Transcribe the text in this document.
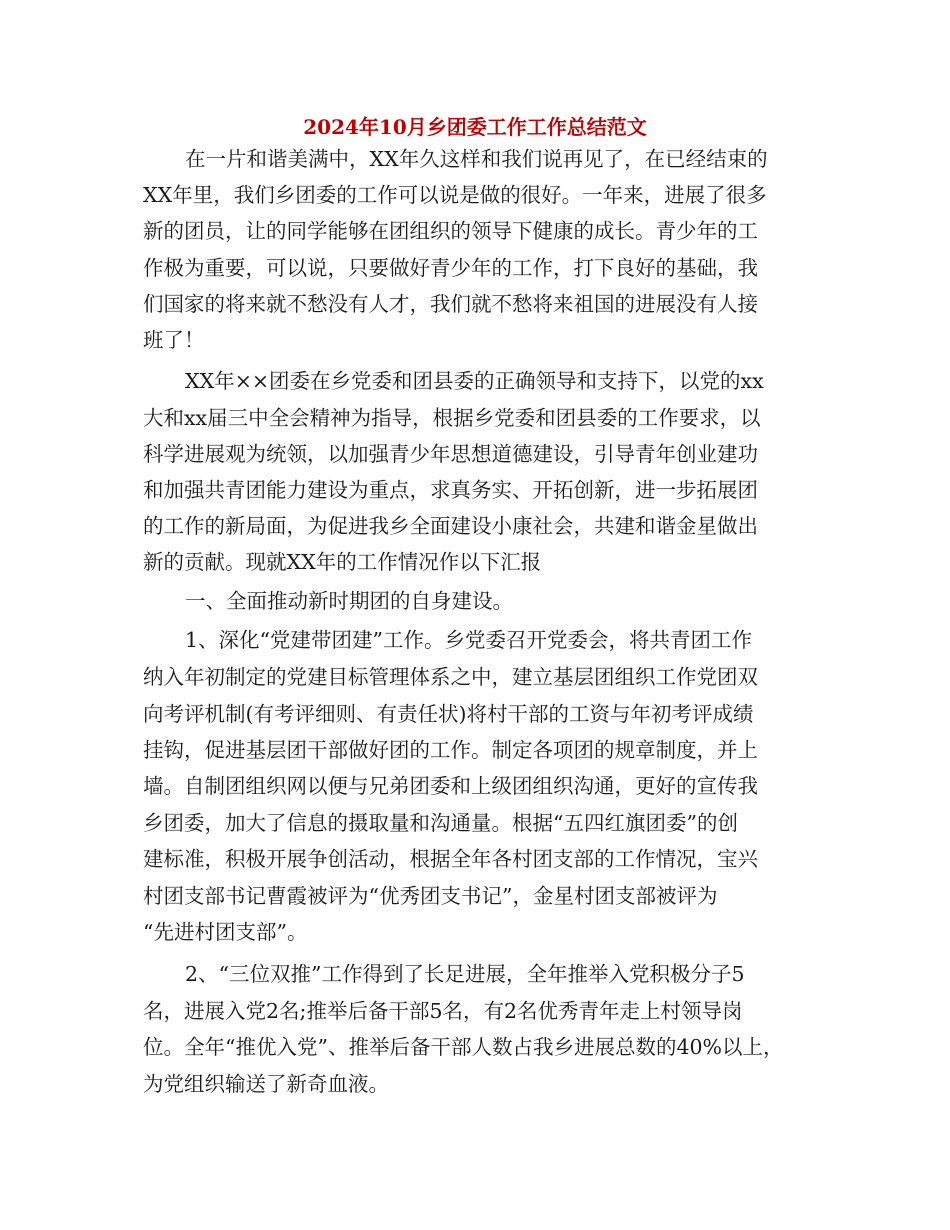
2024年10月乡团委工作工作总结范文
在一片和谐美满中，XX年久这样和我们说再见了，在已经结束的
XX年里，我们乡团委的工作可以说是做的很好。一年来，进展了很多
新的团员，让的同学能够在团组织的领导下健康的成长。青少年的工
作极为重要，可以说，只要做好青少年的工作，打下良好的基础，我
们国家的将来就不愁没有人才，我们就不愁将来祖国的进展没有人接
班了！
XX年××团委在乡党委和团县委的正确领导和支持下，以党的xx
大和xx届三中全会精神为指导，根据乡党委和团县委的工作要求，以
科学进展观为统领，以加强青少年思想道德建设，引导青年创业建功
和加强共青团能力建设为重点，求真务实、开拓创新，进一步拓展团
的工作的新局面，为促进我乡全面建设小康社会，共建和谐金星做出
新的贡献。现就XX年的工作情况作以下汇报
一、全面推动新时期团的自身建设。
1、深化“党建带团建”工作。乡党委召开党委会，将共青团工作
纳入年初制定的党建目标管理体系之中，建立基层团组织工作党团双
向考评机制(有考评细则、有责任状)将村干部的工资与年初考评成绩
挂钩，促进基层团干部做好团的工作。制定各项团的规章制度，并上
墙。自制团组织网以便与兄弟团委和上级团组织沟通，更好的宣传我
乡团委，加大了信息的摄取量和沟通量。根据“五四红旗团委”的创
建标准，积极开展争创活动，根据全年各村团支部的工作情况，宝兴
村团支部书记曹霞被评为“优秀团支书记”，金星村团支部被评为
“先进村团支部”。
2、“三位双推”工作得到了长足进展，全年推举入党积极分子5
名，进展入党2名;推举后备干部5名，有2名优秀青年走上村领导岗
位。全年“推优入党”、推举后备干部人数占我乡进展总数的40%以上，
为党组织输送了新奇血液。
